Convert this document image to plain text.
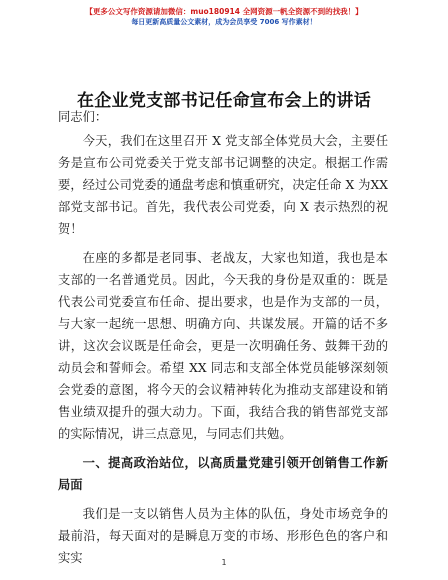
【更多公文写作资源请加微信：muo180914 全网资源一帆全资源不到的找我！】
每日更新高质量公文素材，成为会员享受 7006 写作素材！
在企业党支部书记任命宣布会上的讲话

同志们：

今天，我们在这里召开 X 党支部全体党员大会，主要任务是宣布公司党委关于党支部书记调整的决定。根据工作需要，经过公司党委的通盘考虑和慎重研究，决定任命 X 为XX部党支部书记。首先，我代表公司党委，向 X 表示热烈的祝贺！

在座的多都是老同事、老战友，大家也知道，我也是本支部的一名普通党员。因此，今天我的身份是双重的：既是代表公司党委宣布任命、提出要求，也是作为支部的一员，与大家一起统一思想、明确方向、共谋发展。开篇的话不多讲，这次会议既是任命会，更是一次明确任务、鼓舞干劲的动员会和誓师会。希望 XX 同志和支部全体党员能够深刻领会党委的意图，将今天的会议精神转化为推动支部建设和销售业绩双提升的强大动力。下面，我结合我的销售部党支部的实际情况，讲三点意见，与同志们共勉。

一、提高政治站位，以高质量党建引领开创销售工作新局面

我们是一支以销售人员为主体的队伍，身处市场竞争的最前沿，每天面对的是瞬息万变的市场、形形色色的客户和实实	1
